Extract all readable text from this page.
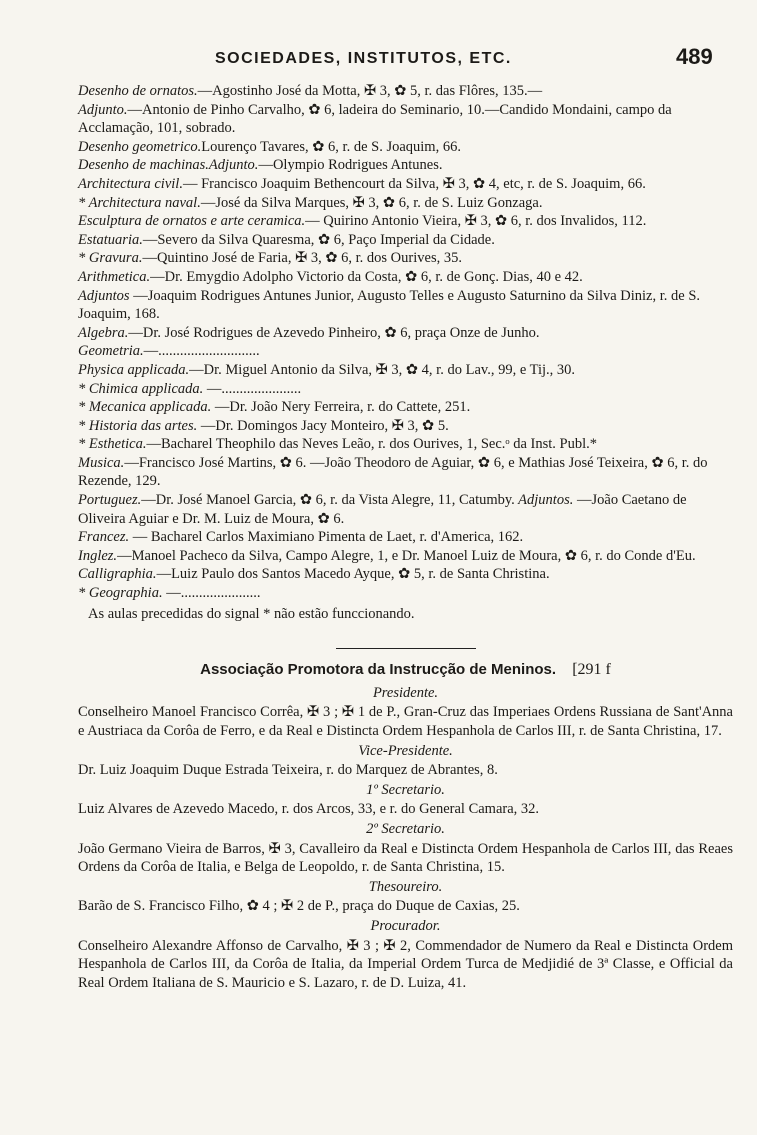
SOCIEDADES, INSTITUTOS, ETC.	489

Desenho de ornatos.—Agostinho José da Motta, ✠ 3, ✿ 5, r. das Flôres, 135.—

Adjunto.—Antonio de Pinho Carvalho, ✿ 6, ladeira do Seminario, 10.—Candido Mondaini, campo da Acclamação, 101, sobrado.

Desenho geometrico.Lourenço Tavares, ✿ 6, r. de S. Joaquim, 66.

Desenho de machinas.Adjunto.—Olympio Rodrigues Antunes.

Architectura civil.— Francisco Joaquim Bethencourt da Silva, ✠ 3, ✿ 4, etc, r. de S. Joaquim, 66.

* Architectura naval.—José da Silva Marques, ✠ 3, ✿ 6, r. de S. Luiz Gonzaga.

Esculptura de ornatos e arte ceramica.— Quirino Antonio Vieira, ✠ 3, ✿ 6, r. dos Invalidos, 112.

Estatuaria.—Severo da Silva Quaresma, ✿ 6, Paço Imperial da Cidade.

* Gravura.—Quintino José de Faria, ✠ 3, ✿ 6, r. dos Ourives, 35.

Arithmetica.—Dr. Emygdio Adolpho Victorio da Costa, ✿ 6, r. de Gonç. Dias, 40 e 42.

Adjuntos —Joaquim Rodrigues Antunes Junior, Augusto Telles e Augusto Saturnino da Silva Diniz, r. de S. Joaquim, 168.

Algebra.—Dr. José Rodrigues de Azevedo Pinheiro, ✿ 6, praça Onze de Junho.

Geometria.—............................

Physica applicada.—Dr. Miguel Antonio da Silva, ✠ 3, ✿ 4, r. do Lav., 99, e Tij., 30.

* Chimica applicada. —......................

* Mecanica applicada. —Dr. João Nery Ferreira, r. do Cattete, 251.

* Historia das artes. —Dr. Domingos Jacy Monteiro, ✠ 3, ✿ 5.

* Esthetica.—Bacharel Theophilo das Neves Leão, r. dos Ourives, 1, Sec.ᵒ da Inst. Publ.*

Musica.—Francisco José Martins, ✿ 6. —João Theodoro de Aguiar, ✿ 6, e Mathias José Teixeira, ✿ 6, r. do Rezende, 129.

Portuguez.—Dr. José Manoel Garcia, ✿ 6, r. da Vista Alegre, 11, Catumby. Adjuntos. —João Caetano de Oliveira Aguiar e Dr. M. Luiz de Moura, ✿ 6.

Francez. — Bacharel Carlos Maximiano Pimenta de Laet, r. d'America, 162.

Inglez.—Manoel Pacheco da Silva, Campo Alegre, 1, e Dr. Manoel Luiz de Moura, ✿ 6, r. do Conde d'Eu.

Calligraphia.—Luiz Paulo dos Santos Macedo Ayque, ✿ 5, r. de Santa Christina.

* Geographia. —......................

As aulas precedidas do signal * não estão funccionando.

Associação Promotora da Instrucção de Meninos. [291 f
Presidente.

Conselheiro Manoel Francisco Corrêa, ✠ 3 ; ✠ 1 de P., Gran-Cruz das Imperiaes Ordens Russiana de Sant'Anna e Austriaca da Corôa de Ferro, e da Real e Distincta Ordem Hespanhola de Carlos III, r. de Santa Christina, 17.

Vice-Presidente.

Dr. Luiz Joaquim Duque Estrada Teixeira, r. do Marquez de Abrantes, 8.

1º Secretario.

Luiz Alvares de Azevedo Macedo, r. dos Arcos, 33, e r. do General Camara, 32.

2º Secretario.

João Germano Vieira de Barros, ✠ 3, Cavalleiro da Real e Distincta Ordem Hespanhola de Carlos III, das Reaes Ordens da Corôa de Italia, e Belga de Leopoldo, r. de Santa Christina, 15.

Thesoureiro.

Barão de S. Francisco Filho, ✿ 4 ; ✠ 2 de P., praça do Duque de Caxias, 25.

Procurador.

Conselheiro Alexandre Affonso de Carvalho, ✠ 3 ; ✠ 2, Commendador de Numero da Real e Distincta Ordem Hespanhola de Carlos III, da Corôa de Italia, da Imperial Ordem Turca de Medjidié de 3ª Classe, e Official da Real Ordem Italiana de S. Mauricio e S. Lazaro, r. de D. Luiza, 41.
